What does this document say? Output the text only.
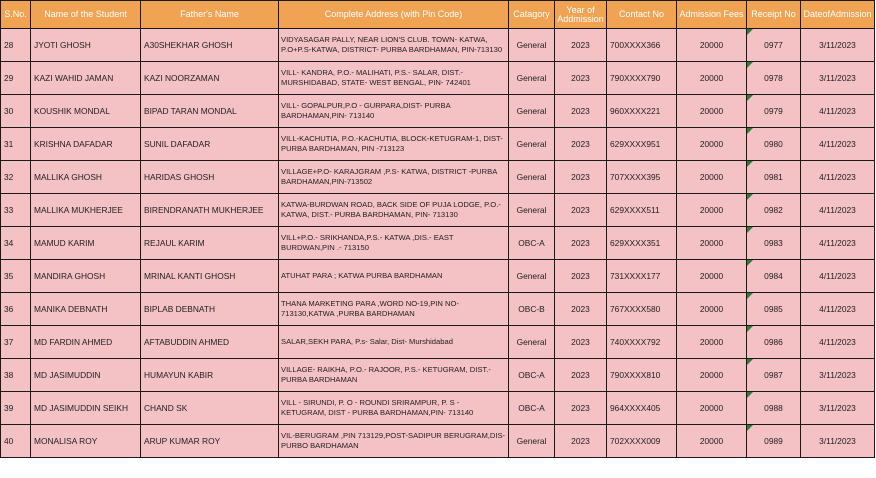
S.No.	Name of the Student	Father's Name	Complete Address (with Pin Code)	Catagory	Year of Addmission	Contact No	Admission Fees	Receipt No	DateofAdmission
28	JYOTI GHOSH	A30SHEKHAR GHOSH	VIDYASAGAR PALLY, NEAR LION'S CLUB. TOWN- KATWA, P.O+P.S-KATWA, DISTRICT- PURBA BARDHAMAN, PIN-713130	General	2023	700XXXX366	20000	0977	3/11/2023
29	KAZI WAHID JAMAN	KAZI NOORZAMAN	VILL- KANDRA, P.O.- MALIHATI, P.S.- SALAR, DIST.- MURSHIDABAD, STATE- WEST BENGAL, PIN- 742401	General	2023	790XXXX790	20000	0978	3/11/2023
30	KOUSHIK MONDAL	BIPAD TARAN MONDAL	VILL- GOPALPUR,P.O - GURPARA,DIST- PURBA BARDHAMAN,PIN- 713140	General	2023	960XXXX221	20000	0979	4/11/2023
31	KRISHNA DAFADAR	SUNIL DAFADAR	VILL-KACHUTIA, P.O.-KACHUTIA, BLOCK-KETUGRAM-1, DIST-PURBA BARDHAMAN, PIN -713123	General	2023	629XXXX951	20000	0980	4/11/2023
32	MALLIKA GHOSH	HARIDAS GHOSH	VILLAGE+P.O- KARAJGRAM ,P.S- KATWA, DISTRICT -PURBA BARDHAMAN,PIN-713502	General	2023	707XXXX395	20000	0981	4/11/2023
33	MALLIKA MUKHERJEE	BIRENDRANATH MUKHERJEE	KATWA-BURDWAN ROAD, BACK SIDE OF PUJA LODGE, P.O.- KATWA, DIST.- PURBA BARDHAMAN, PIN- 713130	General	2023	629XXXX511	20000	0982	4/11/2023
34	MAMUD KARIM	REJAUL KARIM	VILL+P.O.- SRIKHANDA,P.S.- KATWA ,DIS.- EAST BURDWAN,PIN .- 713150	OBC-A	2023	629XXXX351	20000	0983	4/11/2023
35	MANDIRA GHOSH	MRINAL KANTI GHOSH	ATUHAT PARA ; KATWA PURBA BARDHAMAN	General	2023	731XXXX177	20000	0984	4/11/2023
36	MANIKA DEBNATH	BIPLAB DEBNATH	THANA MARKETING PARA ,WORD NO-19,PIN NO-713130,KATWA ,PURBA BARDHAMAN	OBC-B	2023	767XXXX580	20000	0985	4/11/2023
37	MD FARDIN AHMED	AFTABUDDIN AHMED	SALAR,SEKH PARA, P.s- Salar, Dist- Murshidabad	General	2023	740XXXX792	20000	0986	4/11/2023
38	MD JASIMUDDIN	HUMAYUN KABIR	VILLAGE- RAIKHA, P.O.- RAJOOR, P.S.- KETUGRAM, DIST.- PURBA BARDHAMAN	OBC-A	2023	790XXXX810	20000	0987	3/11/2023
39	MD JASIMUDDIN SEIKH	CHAND SK	VILL - SIRUNDI, P. O - ROUNDI SRIRAMPUR, P. S - KETUGRAM, DIST - PURBA BARDHAMAN,PIN- 713140	OBC-A	2023	964XXXX405	20000	0988	3/11/2023
40	MONALISA ROY	ARUP KUMAR ROY	VIL-BERUGRAM ,PIN 713129,POST-SADIPUR BERUGRAM,DIS-PURBO BARDHAMAN	General	2023	702XXXX009	20000	0989	3/11/2023
